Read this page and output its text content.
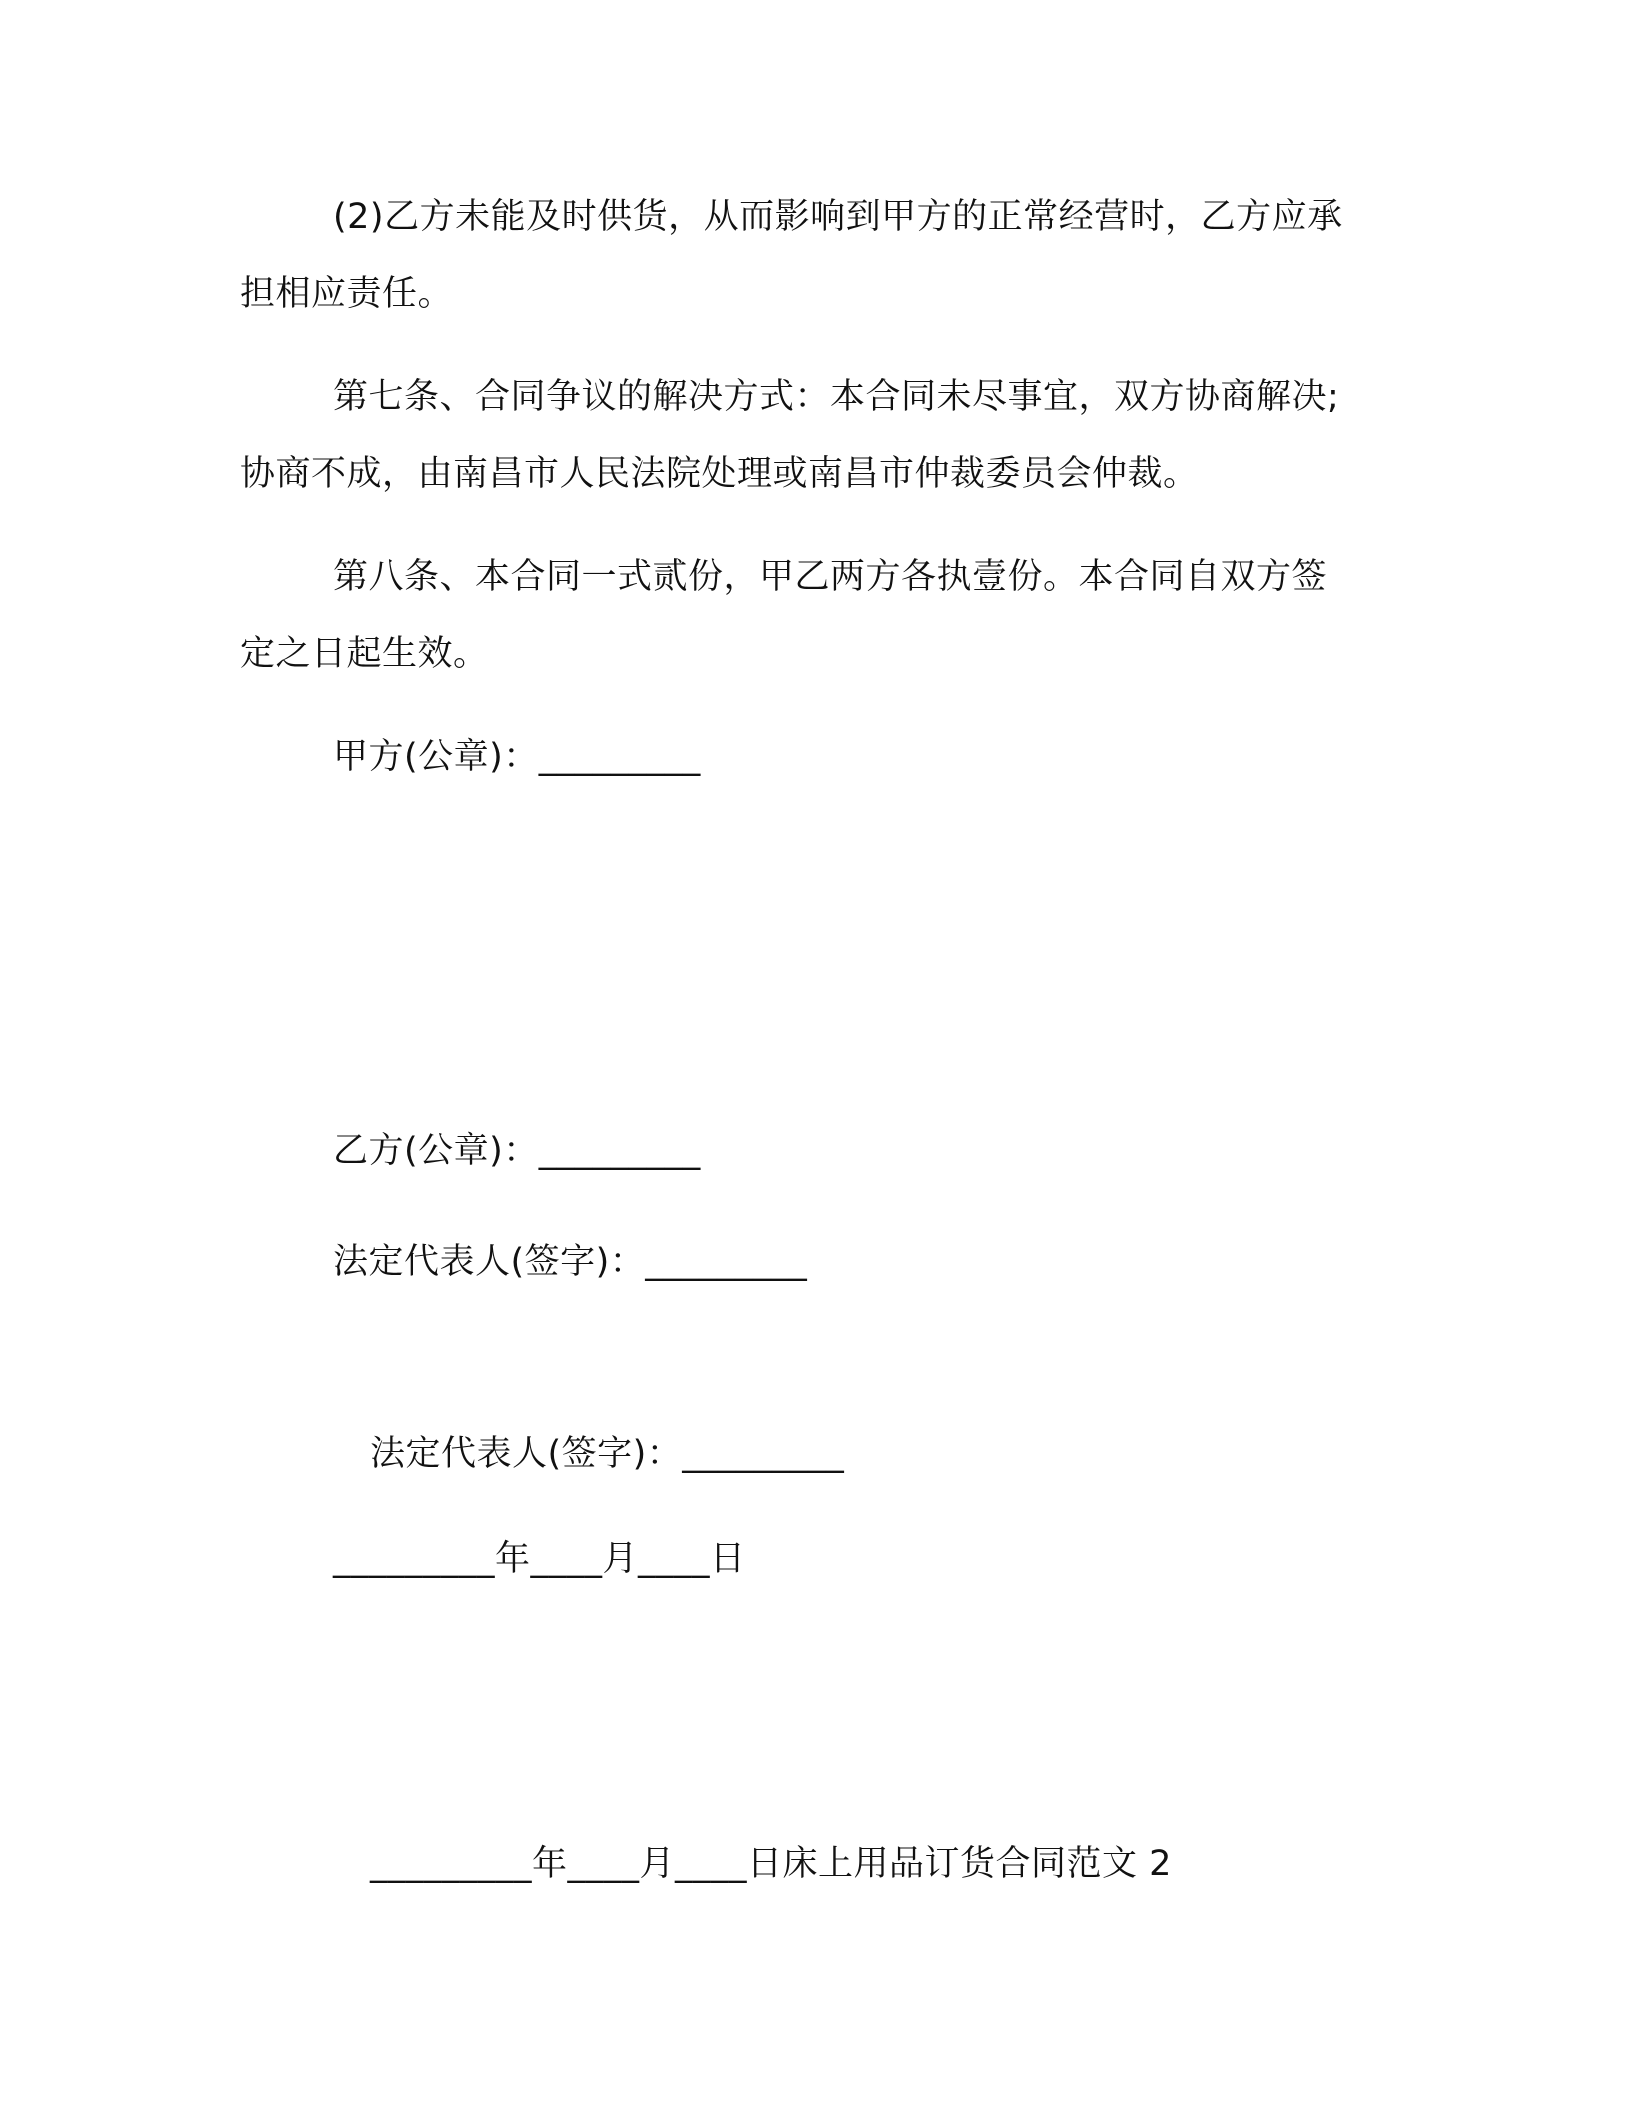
(2)乙方未能及时供货，从而影响到甲方的正常经营时，乙方应承
担相应责任。
第七条、合同争议的解决方式：本合同未尽事宜，双方协商解决;
协商不成，由南昌市人民法院处理或南昌市仲裁委员会仲裁。
第八条、本合同一式贰份，甲乙两方各执壹份。本合同自双方签
定之日起生效。
甲方(公章)：_________
乙方(公章)：_________
法定代表人(签字)：_________
法定代表人(签字)：_________
_________年____月____日
_________年____月____日床上用品订货合同范文 2
